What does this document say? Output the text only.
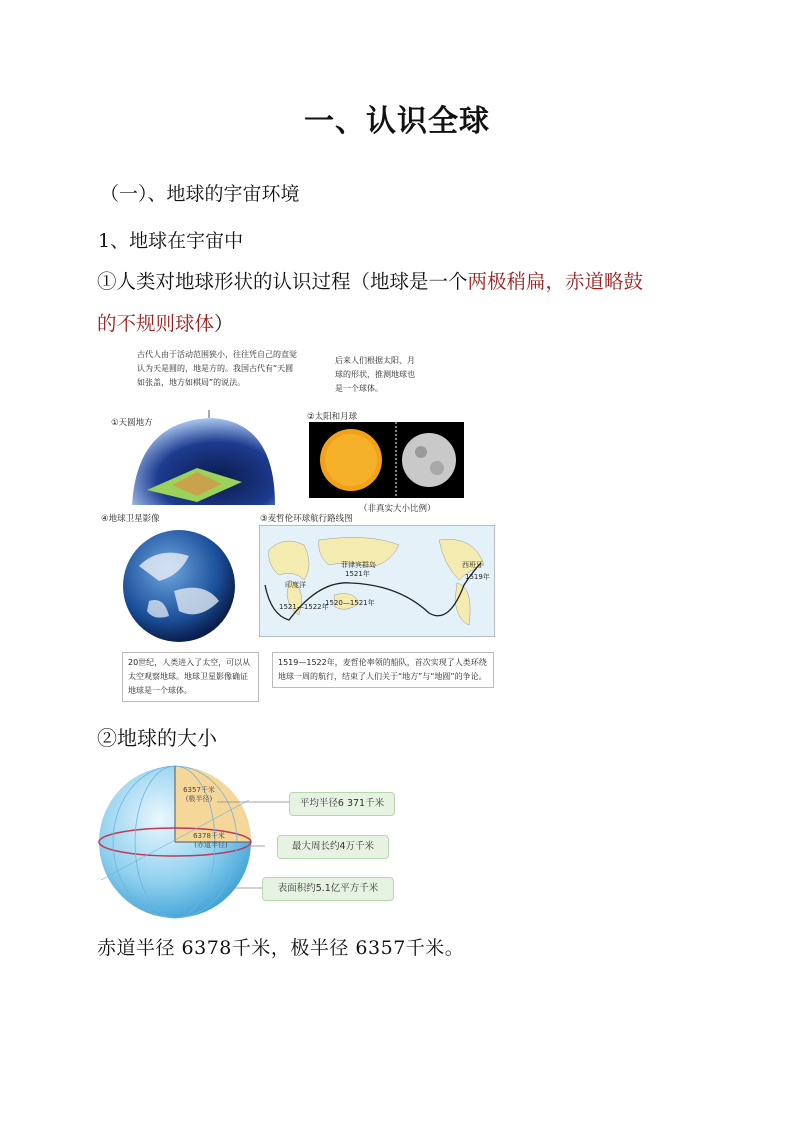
一、认识全球
（一）、地球的宇宙环境
1、地球在宇宙中
①人类对地球形状的认识过程（地球是一个两极稍扁，赤道略鼓
的不规则球体）
古代人由于活动范围狭小，往往凭自己的直觉认为天是圆的，地是方的。我国古代有“天圆如张盖，地方如棋局”的说法。
后来人们根据太阳、月球的形状，推测地球也是一个球体。
①天圆地方
②太阳和月球
（非真实大小比例）
③麦哲伦环球航行路线图
1520—1521年
印度洋
1521—1522年
菲律宾群岛
1521年
西班牙
1519年
④地球卫星影像
20世纪，人类进入了太空，可以从太空观察地球。地球卫星影像确证地球是一个球体。
1519—1522年，麦哲伦率领的船队，首次实现了人类环绕地球一周的航行，结束了人们关于“地方”与“地圆”的争论。
②地球的大小
6357千米
(极半径)
6378千米
(赤道半径)
平均半径6 371千米
最大周长约4万千米
表面积约5.1亿平方千米
赤道半径 6378千米，极半径 6357千米。
